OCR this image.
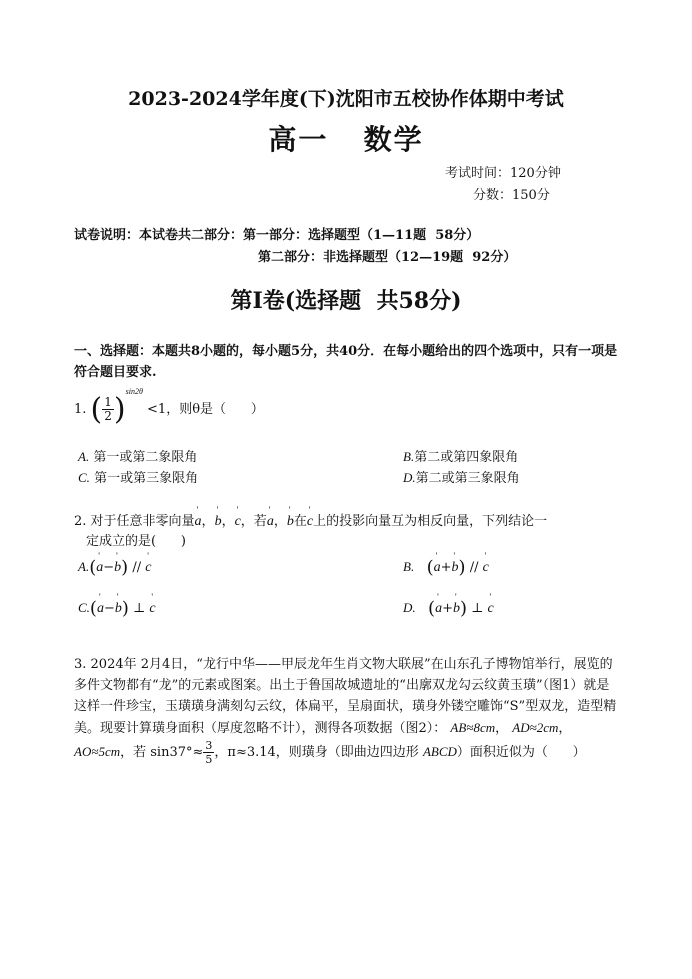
2023-2024学年度(下)沈阳市五校协作体期中考试
高一   数学
考试时间：120分钟
分数：150分
试卷说明：本试卷共二部分：第一部分：选择题型（1—11题  58分）
第二部分：非选择题型（12—19题  92分）
第Ⅰ卷(选择题  共58分)
一、选择题：本题共8小题的，每小题5分，共40分．在每小题给出的四个选项中，只有一项是符合题目要求.
1. ( $\frac{1}{2} )^{sin2\theta} <1$，则θ是（      ）
A. 第一或第二象限角	B.第二或第四象限角
C. 第一或第三象限角	D.第二或第三象限角
2. 对于任意非零向量' a，' b，' c，若' a，' b在' c上的投影向量互为相反向量，下列结论一
定成立的是(      )
A.(' a−' b) // ' c	B. (' a+' b) // ' c
C.(' a−' b) ⊥ ' c	D. (' a+' b) ⊥ ' c
3. 2024年 2月4日，“龙行中华——甲辰龙年生肖文物大联展”在山东孔子博物馆举行，展览的多件文物都有“龙”的元素或图案。出土于鲁国故城遗址的“出廓双龙勾云纹黄玉璜”（图1）就是这样一件珍宝，玉璜璜身满刻勾云纹，体扁平，呈扇面状，璜身外镂空雕饰“S”型双龙，造型精美。现要计算璜身面积（厚度忽略不计），测得各项数据（图2）： AB≈8cm， AD≈2cm， AO≈5cm，若 $\sin 37^\circ\approx \frac{3}{5}$ ，π≈3.14，则璜身（即曲边四边形 ABCD）面积近似为（      ）
